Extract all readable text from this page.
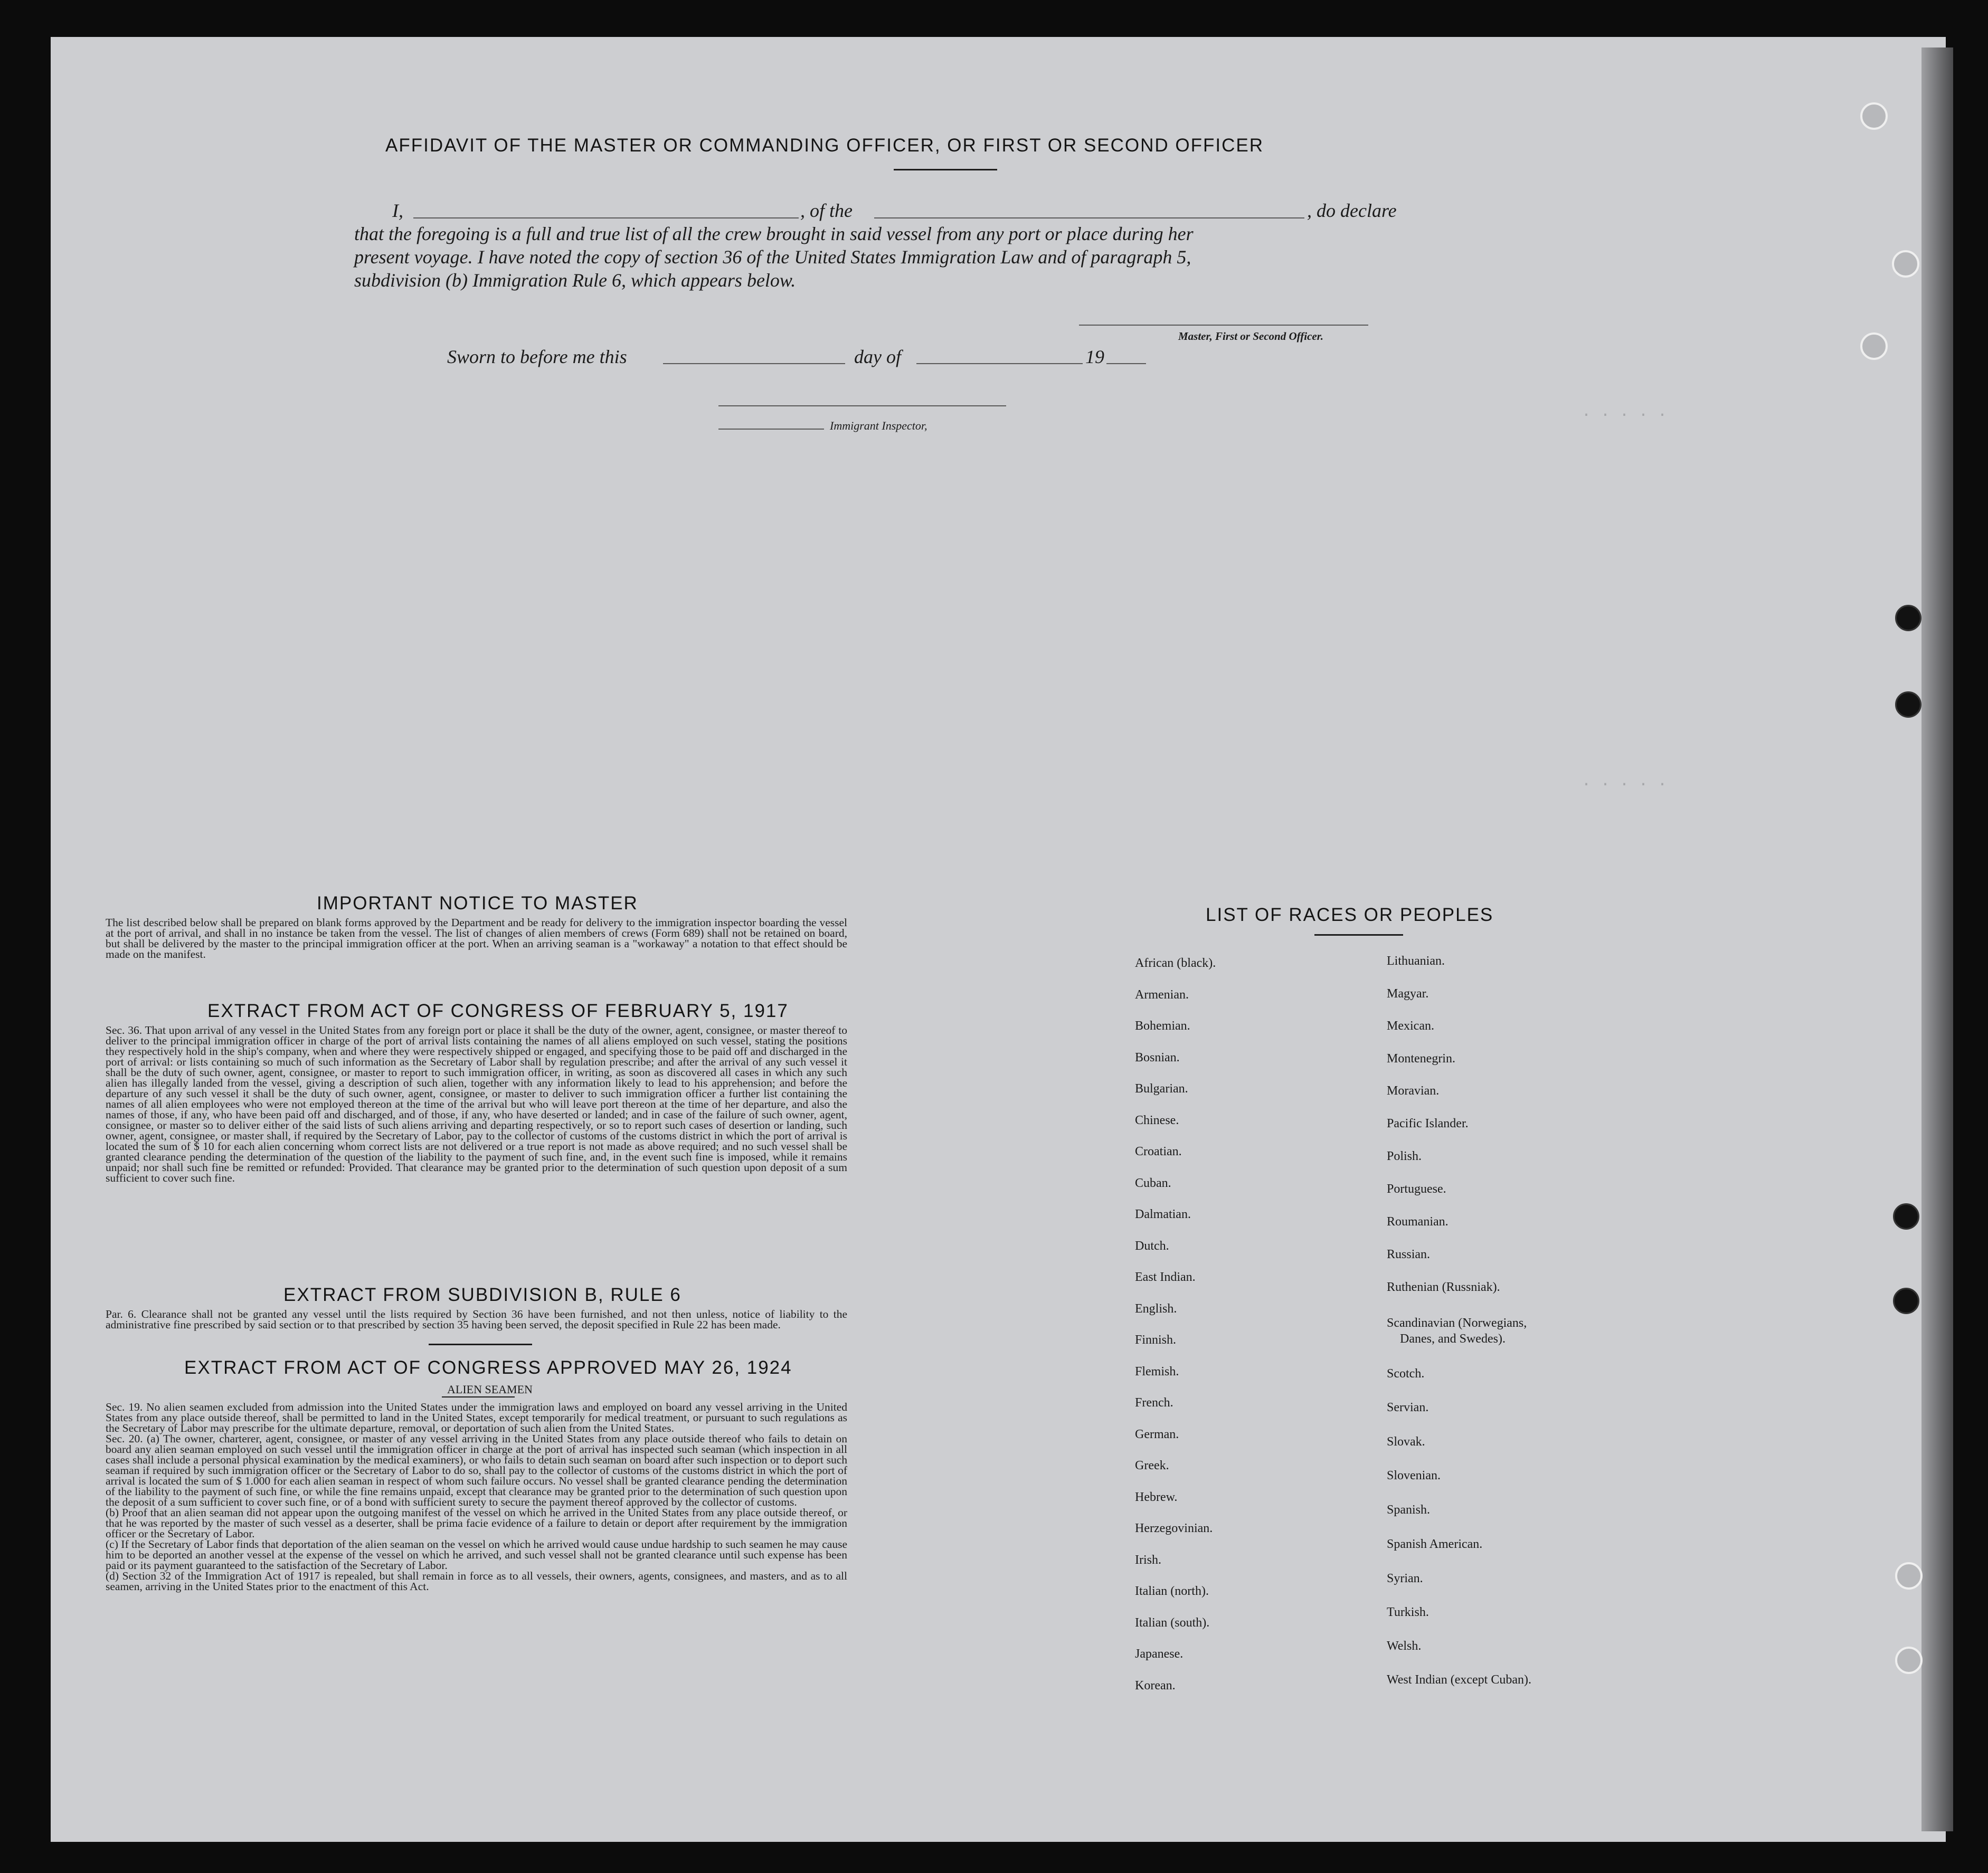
· · · · ·
· · · · ·
AFFIDAVIT OF THE MASTER OR COMMANDING OFFICER, OR FIRST OR SECOND OFFICER
I,	, of the	, do declare
that the foregoing is a full and true list of all the crew brought in said vessel from any port or place during her
present voyage. I have noted the copy of section 36 of the United States Immigration Law and of paragraph 5,
subdivision (b) Immigration Rule 6, which appears below.
Master, First or Second Officer.
Sworn to before me this	day of	19
Immigrant Inspector,
IMPORTANT NOTICE TO MASTER
The list described below shall be prepared on blank forms approved by the Department and be ready for delivery to the immigration inspector boarding the vessel at the port of arrival, and shall in no instance be taken from the vessel. The list of changes of alien members of crews (Form 689) shall not be retained on board, but shall be delivered by the master to the principal immigration officer at the port. When an arriving seaman is a "workaway" a notation to that effect should be made on the manifest.
EXTRACT FROM ACT OF CONGRESS OF FEBRUARY 5, 1917
Sec. 36. That upon arrival of any vessel in the United States from any foreign port or place it shall be the duty of the owner, agent, consignee, or master thereof to deliver to the principal immigration officer in charge of the port of arrival lists containing the names of all aliens employed on such vessel, stating the positions they respectively hold in the ship's company, when and where they were respectively shipped or engaged, and specifying those to be paid off and discharged in the port of arrival: or lists containing so much of such information as the Secretary of Labor shall by regulation prescribe; and after the arrival of any such vessel it shall be the duty of such owner, agent, consignee, or master to report to such immigration officer, in writing, as soon as discovered all cases in which any such alien has illegally landed from the vessel, giving a description of such alien, together with any information likely to lead to his apprehension; and before the departure of any such vessel it shall be the duty of such owner, agent, consignee, or master to deliver to such immigration officer a further list containing the names of all alien employees who were not employed thereon at the time of the arrival but who will leave port thereon at the time of her departure, and also the names of those, if any, who have been paid off and discharged, and of those, if any, who have deserted or landed; and in case of the failure of such owner, agent, consignee, or master so to deliver either of the said lists of such aliens arriving and departing respectively, or so to report such cases of desertion or landing, such owner, agent, consignee, or master shall, if required by the Secretary of Labor, pay to the collector of customs of the customs district in which the port of arrival is located the sum of $ 10 for each alien concerning whom correct lists are not delivered or a true report is not made as above required; and no such vessel shall be granted clearance pending the determination of the question of the liability to the payment of such fine, and, in the event such fine is imposed, while it remains unpaid; nor shall such fine be remitted or refunded: Provided. That clearance may be granted prior to the determination of such question upon deposit of a sum sufficient to cover such fine.
EXTRACT FROM SUBDIVISION B, RULE 6
Par. 6. Clearance shall not be granted any vessel until the lists required by Section 36 have been furnished, and not then unless, notice of liability to the administrative fine prescribed by said section or to that prescribed by section 35 having been served, the deposit specified in Rule 22 has been made.
EXTRACT FROM ACT OF CONGRESS APPROVED MAY 26, 1924
ALIEN SEAMEN

Sec. 19. No alien seamen excluded from admission into the United States under the immigration laws and employed on board any vessel arriving in the United States from any place outside thereof, shall be permitted to land in the United States, except temporarily for medical treatment, or pursuant to such regulations as the Secretary of Labor may prescribe for the ultimate departure, removal, or deportation of such alien from the United States.

Sec. 20. (a) The owner, charterer, agent, consignee, or master of any vessel arriving in the United States from any place outside thereof who fails to detain on board any alien seaman employed on such vessel until the immigration officer in charge at the port of arrival has inspected such seaman (which inspection in all cases shall include a personal physical examination by the medical examiners), or who fails to detain such seaman on board after such inspection or to deport such seaman if required by such immigration officer or the Secretary of Labor to do so, shall pay to the collector of customs of the customs district in which the port of arrival is located the sum of $ 1.000 for each alien seaman in respect of whom such failure occurs. No vessel shall be granted clearance pending the determination of the liability to the payment of such fine, or while the fine remains unpaid, except that clearance may be granted prior to the determination of such question upon the deposit of a sum sufficient to cover such fine, or of a bond with sufficient surety to secure the payment thereof approved by the collector of customs.

(b) Proof that an alien seaman did not appear upon the outgoing manifest of the vessel on which he arrived in the United States from any place outside thereof, or that he was reported by the master of such vessel as a deserter, shall be prima facie evidence of a failure to detain or deport after requirement by the immigration officer or the Secretary of Labor.

(c) If the Secretary of Labor finds that deportation of the alien seaman on the vessel on which he arrived would cause undue hardship to such seamen he may cause him to be deported an another vessel at the expense of the vessel on which he arrived, and such vessel shall not be granted clearance until such expense has been paid or its payment guaranteed to the satisfaction of the Secretary of Labor.

(d) Section 32 of the Immigration Act of 1917 is repealed, but shall remain in force as to all vessels, their owners, agents, consignees, and masters, and as to all seamen, arriving in the United States prior to the enactment of this Act.

LIST OF RACES OR PEOPLES
African (black).
Armenian.
Bohemian.
Bosnian.
Bulgarian.
Chinese.
Croatian.
Cuban.
Dalmatian.
Dutch.
East Indian.
English.
Finnish.
Flemish.
French.
German.
Greek.
Hebrew.
Herzegovinian.
Irish.
Italian (north).
Italian (south).
Japanese.
Korean.
Lithuanian.
Magyar.
Mexican.
Montenegrin.
Moravian.
Pacific Islander.
Polish.
Portuguese.
Roumanian.
Russian.
Ruthenian (Russniak).
Scandinavian (Norwegians,
Danes, and Swedes).
Scotch.
Servian.
Slovak.
Slovenian.
Spanish.
Spanish American.
Syrian.
Turkish.
Welsh.
West Indian (except Cuban).
